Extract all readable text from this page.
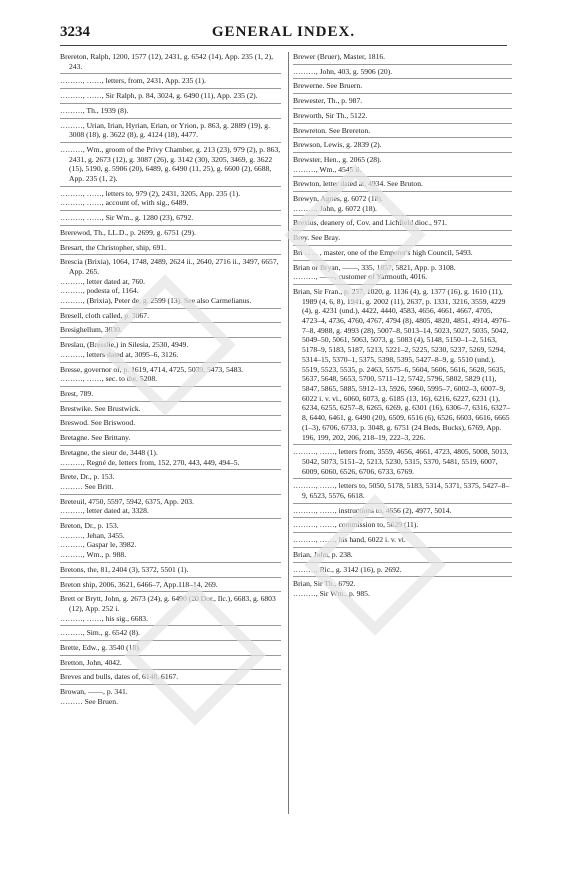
3234	GENERAL INDEX.

Brereton, Ralph, 1200, 1577 (12), 2431, g. 6542 (14), App. 235 (1, 2), 243.

………, ……, letters, from, 2431, App. 235 (1).

………, ……, Sir Ralph, p. 84, 3024, g. 6490 (11), App. 235 (2).

………, Th., 1939 (8).

………, Urian, Irian, Hyrian, Erian, or Yrion, p. 863, g. 2889 (19), g. 3008 (18), g. 3622 (8), g. 4124 (18), 4477.

………, Wm., groom of the Privy Chamber, g. 213 (23), 979 (2), p. 863, 2431, g. 2673 (12), g. 3087 (26), g. 3142 (30), 3205, 3469, g. 3622 (15), 5190, g. 5906 (20), 6489, g. 6490 (11, 25), g. 6600 (2), 6688, App. 235 (1, 2).

………, ……, letters to, 979 (2), 2431, 3205, App. 235 (1).

………, ……, account of, with sig., 6489.

………, ……, Sir Wm., g. 1280 (23), 6792.

Brerewod, Th., LL.D., p. 2699, g. 6751 (29).

Bresart, the Christopher, ship, 691.

Brescia (Brixia), 1064, 1748, 2489, 2624 ii., 2640, 2716 ii., 3497, 6657, App. 265.

………, letter dated at, 760.

………, podesta of, 1164.

………, (Brixia), Peter de, g. 2599 (13). See also Carmelianus.

Bresell, cloth called, p. 3067.

Bresighellum, 3030.

Breslau, (Bresslle,) in Silesia, 2530, 4949.

………, letters dated at, 3095–6, 3126.

Bresse, governor of, p. 1619, 4714, 4725, 5039, 5473, 5483.

………, ……, sec. to the, 5208.

Brest, 789.

Brestwike. See Brustwick.

Breswod. See Briswood.

Bretagne. See Brittany.

Bretagne, the sieur de, 3448 (1).

………, Regné de, letters from, 152, 270, 443, 449, 494–5.

Brete, Dr., p. 153.

……… See Britt.

Breteuil, 4750, 5597, 5942, 6375, App. 203.

………, letter dated at, 3328.

Breton, Dr., p. 153.

………, Jehan, 3455.

………, Gaspar le, 3982.

………, Wm., p. 988.

Bretons, the, 81, 2404 (3), 5372, 5501 (1).

Breton ship, 2006, 3621, 6466–7, App.118–14, 269.

Brett or Brytt, John, g. 2673 (24), g. 6490 (20 Dor., Ilc.), 6683, g. 6803 (12), App. 252 i.

………, ……, his sig., 6683.

………, Sim., g. 6542 (8).

Brette, Edw., g. 3540 (18).

Bretton, John, 4042.

Breves and bulls, dates of, 6148, 6167.

Browan, ——, p. 341.

……… See Bruen.

Brewer (Bruer), Master, 1816.

………, John, 403, g. 5906 (20).

Brewerne. See Bruern.

Brewester, Th., p. 987.

Breworth, Sir Th., 5122.

Brewreton. See Brereton.

Brewson, Lewis, g. 2839 (2).

Brewster, Hen., g. 2065 (28).

………, Wm., 4545 ii.

Brewton, letter dated at, 4934. See Bruton.

Brewyn, Agnes, g. 6072 (18).

………, John, g. 6072 (18).

Brexius, deanery of, Cov. and Lichfield dioc., 971.

Brey. See Bray.

Bri . . . . , master, one of the Emperor's high Council, 5493.

Brian or Bryan, ——, 335, 1857, 5821, App. p. 3108.

………, ——, customer of Yarmouth, 4016.

Brian, Sir Fran., p. 237, 1020, g. 1136 (4), g. 1377 (16), g. 1610 (11), 1989 (4, 6, 8), 1941, g. 2002 (11), 2637, p. 1331, 3216, 3559, 4229 (4), g. 4231 (und.), 4422, 4440, 4583, 4656, 4661, 4667, 4705, 4723–4, 4736, 4760, 4767, 4794 (8), 4805, 4820, 4851, 4914, 4976–7–8, 4988, g. 4993 (28), 5007–8, 5013–14, 5023, 5027, 5035, 5042, 5049–50, 5061, 5063, 5073, g. 5083 (4), 5148, 5150–1–2, 5163, 5178–9, 5183, 5187, 5213, 5221–2, 5225, 5230, 5237, 5269, 5294, 5314–15, 5370–1, 5375, 5398, 5395, 5427–8–9, g. 5510 (und.), 5519, 5523, 5535, p. 2463, 5575–6, 5604, 5606, 5616, 5628, 5635, 5637, 5648, 5653, 5700, 5711–12, 5742, 5796, 5802, 5829 (11), 5847, 5865, 5885, 5912–13, 5926, 5960, 5995–7, 6002–3, 6007–9, 6022 i. v. vi., 6060, 6073, g. 6185 (13, 16), 6216, 6227, 6231 (1), 6234, 6255, 6257–8, 6265, 6269, g. 6301 (16), 6306–7, 6316, 6327–8, 6440, 6461, g. 6490 (20), 6509, 6516 (6), 6526, 6603, 6616, 6665 (1–3), 6706, 6733, p. 3048, g. 6751 (24 Beds, Bucks), 6769, App. 196, 199, 202, 206, 218–19, 222–3, 226.

………, ……, letters from, 3559, 4656, 4661, 4723, 4805, 5008, 5013, 5042, 5073, 5151–2, 5213, 5230, 5315, 5370, 5481, 5519, 6007, 6009, 6060, 6526, 6706, 6733, 6769.

………, ……, letters to, 5050, 5178, 5183, 5314, 5371, 5375, 5427–8–9, 6523, 5576, 6618.

………, ……, instructions to, 4656 (2), 4977, 5014.

………, ……, commission to, 5629 (11).

………, ……, his hand, 6022 i. v. vi.

Brian, John, p. 238.

………, Ric., g. 3142 (16), p. 2692.

Brian, Sir Th., 6792.

………, Sir Wm., p. 985.
